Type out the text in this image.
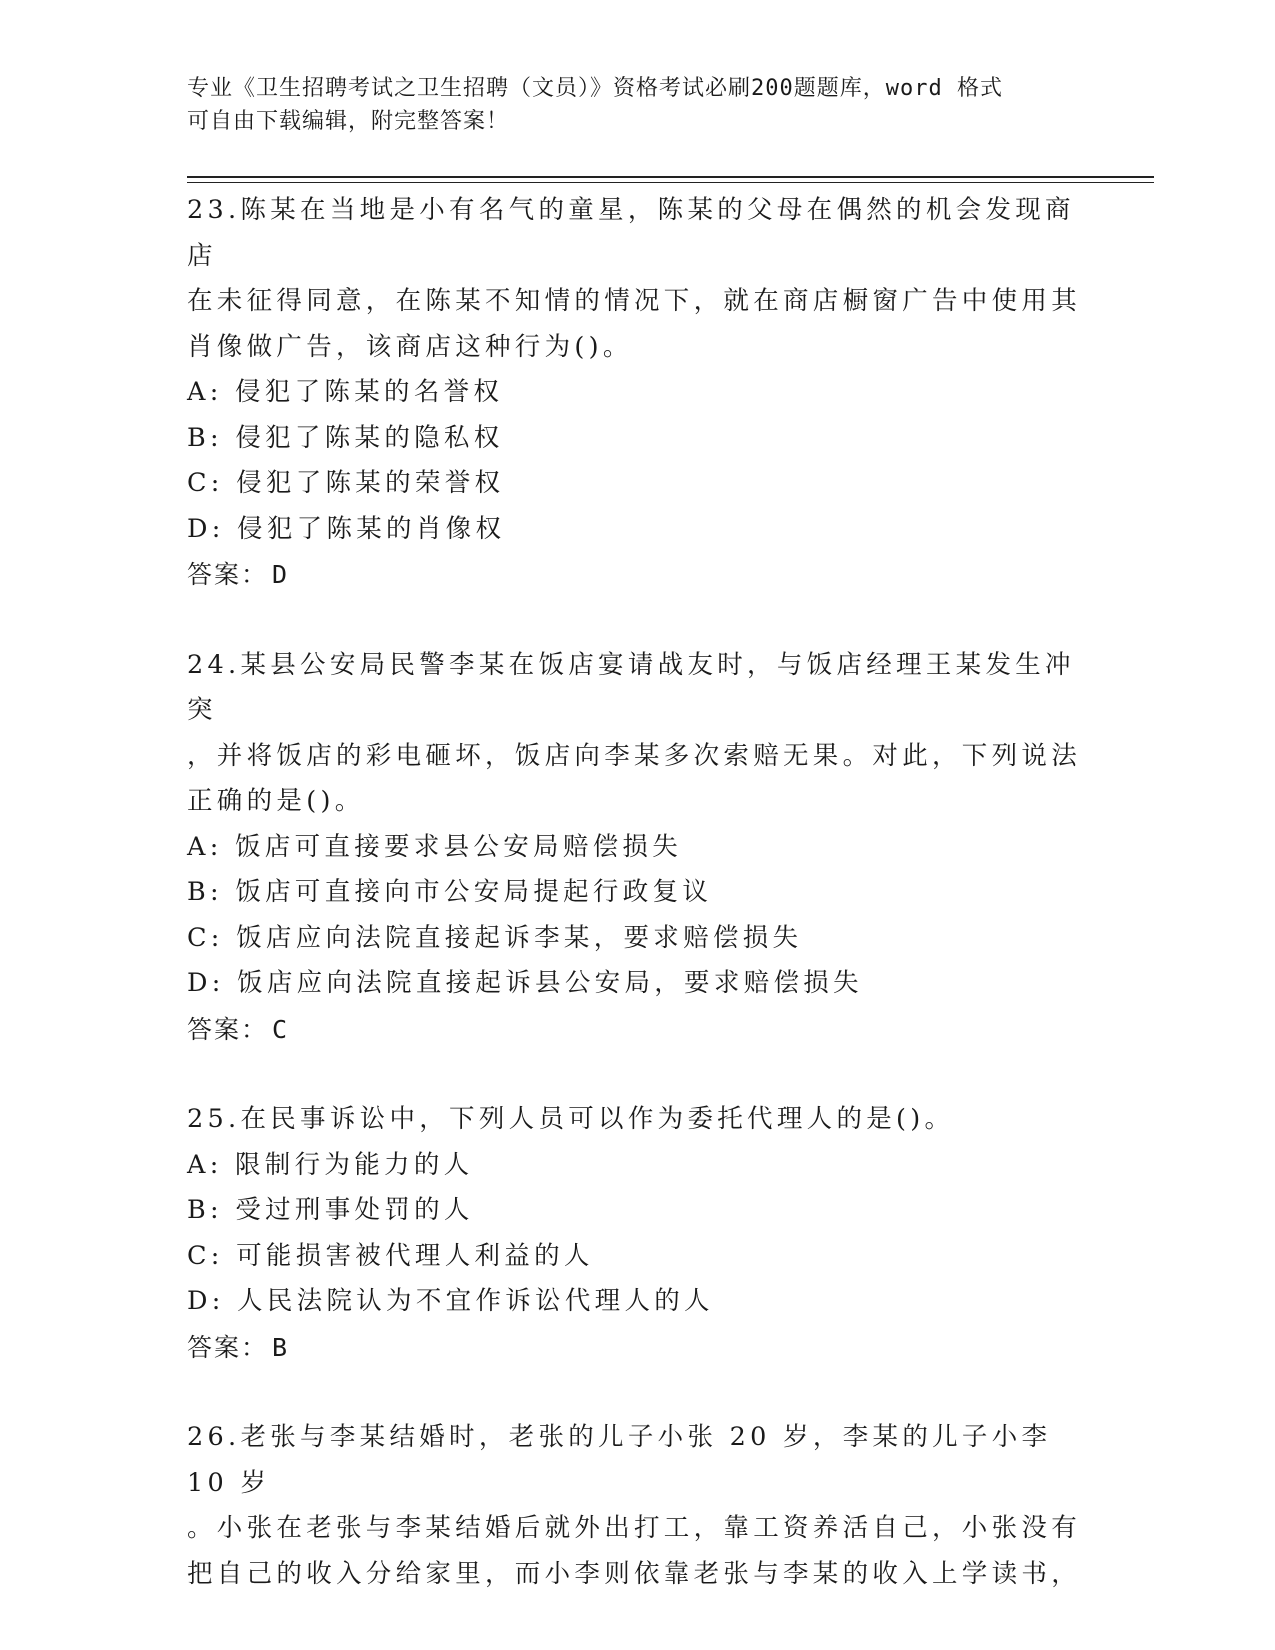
专业《卫生招聘考试之卫生招聘（文员）》资格考试必刷200题题库，word 格式
可自由下载编辑，附完整答案！

23.陈某在当地是小有名气的童星，陈某的父母在偶然的机会发现商店

在未征得同意，在陈某不知情的情况下，就在商店橱窗广告中使用其

肖像做广告，该商店这种行为()。

A: 侵犯了陈某的名誉权

B: 侵犯了陈某的隐私权

C: 侵犯了陈某的荣誉权

D: 侵犯了陈某的肖像权

答案： D

24.某县公安局民警李某在饭店宴请战友时，与饭店经理王某发生冲突

，并将饭店的彩电砸坏，饭店向李某多次索赔无果。对此，下列说法

正确的是()。

A: 饭店可直接要求县公安局赔偿损失

B: 饭店可直接向市公安局提起行政复议

C: 饭店应向法院直接起诉李某，要求赔偿损失

D: 饭店应向法院直接起诉县公安局，要求赔偿损失

答案： C

25.在民事诉讼中，下列人员可以作为委托代理人的是()。

A: 限制行为能力的人

B: 受过刑事处罚的人

C: 可能损害被代理人利益的人

D: 人民法院认为不宜作诉讼代理人的人

答案： B

26.老张与李某结婚时，老张的儿子小张 20 岁，李某的儿子小李 10 岁

。小张在老张与李某结婚后就外出打工，靠工资养活自己，小张没有

把自己的收入分给家里，而小李则依靠老张与李某的收入上学读书，
